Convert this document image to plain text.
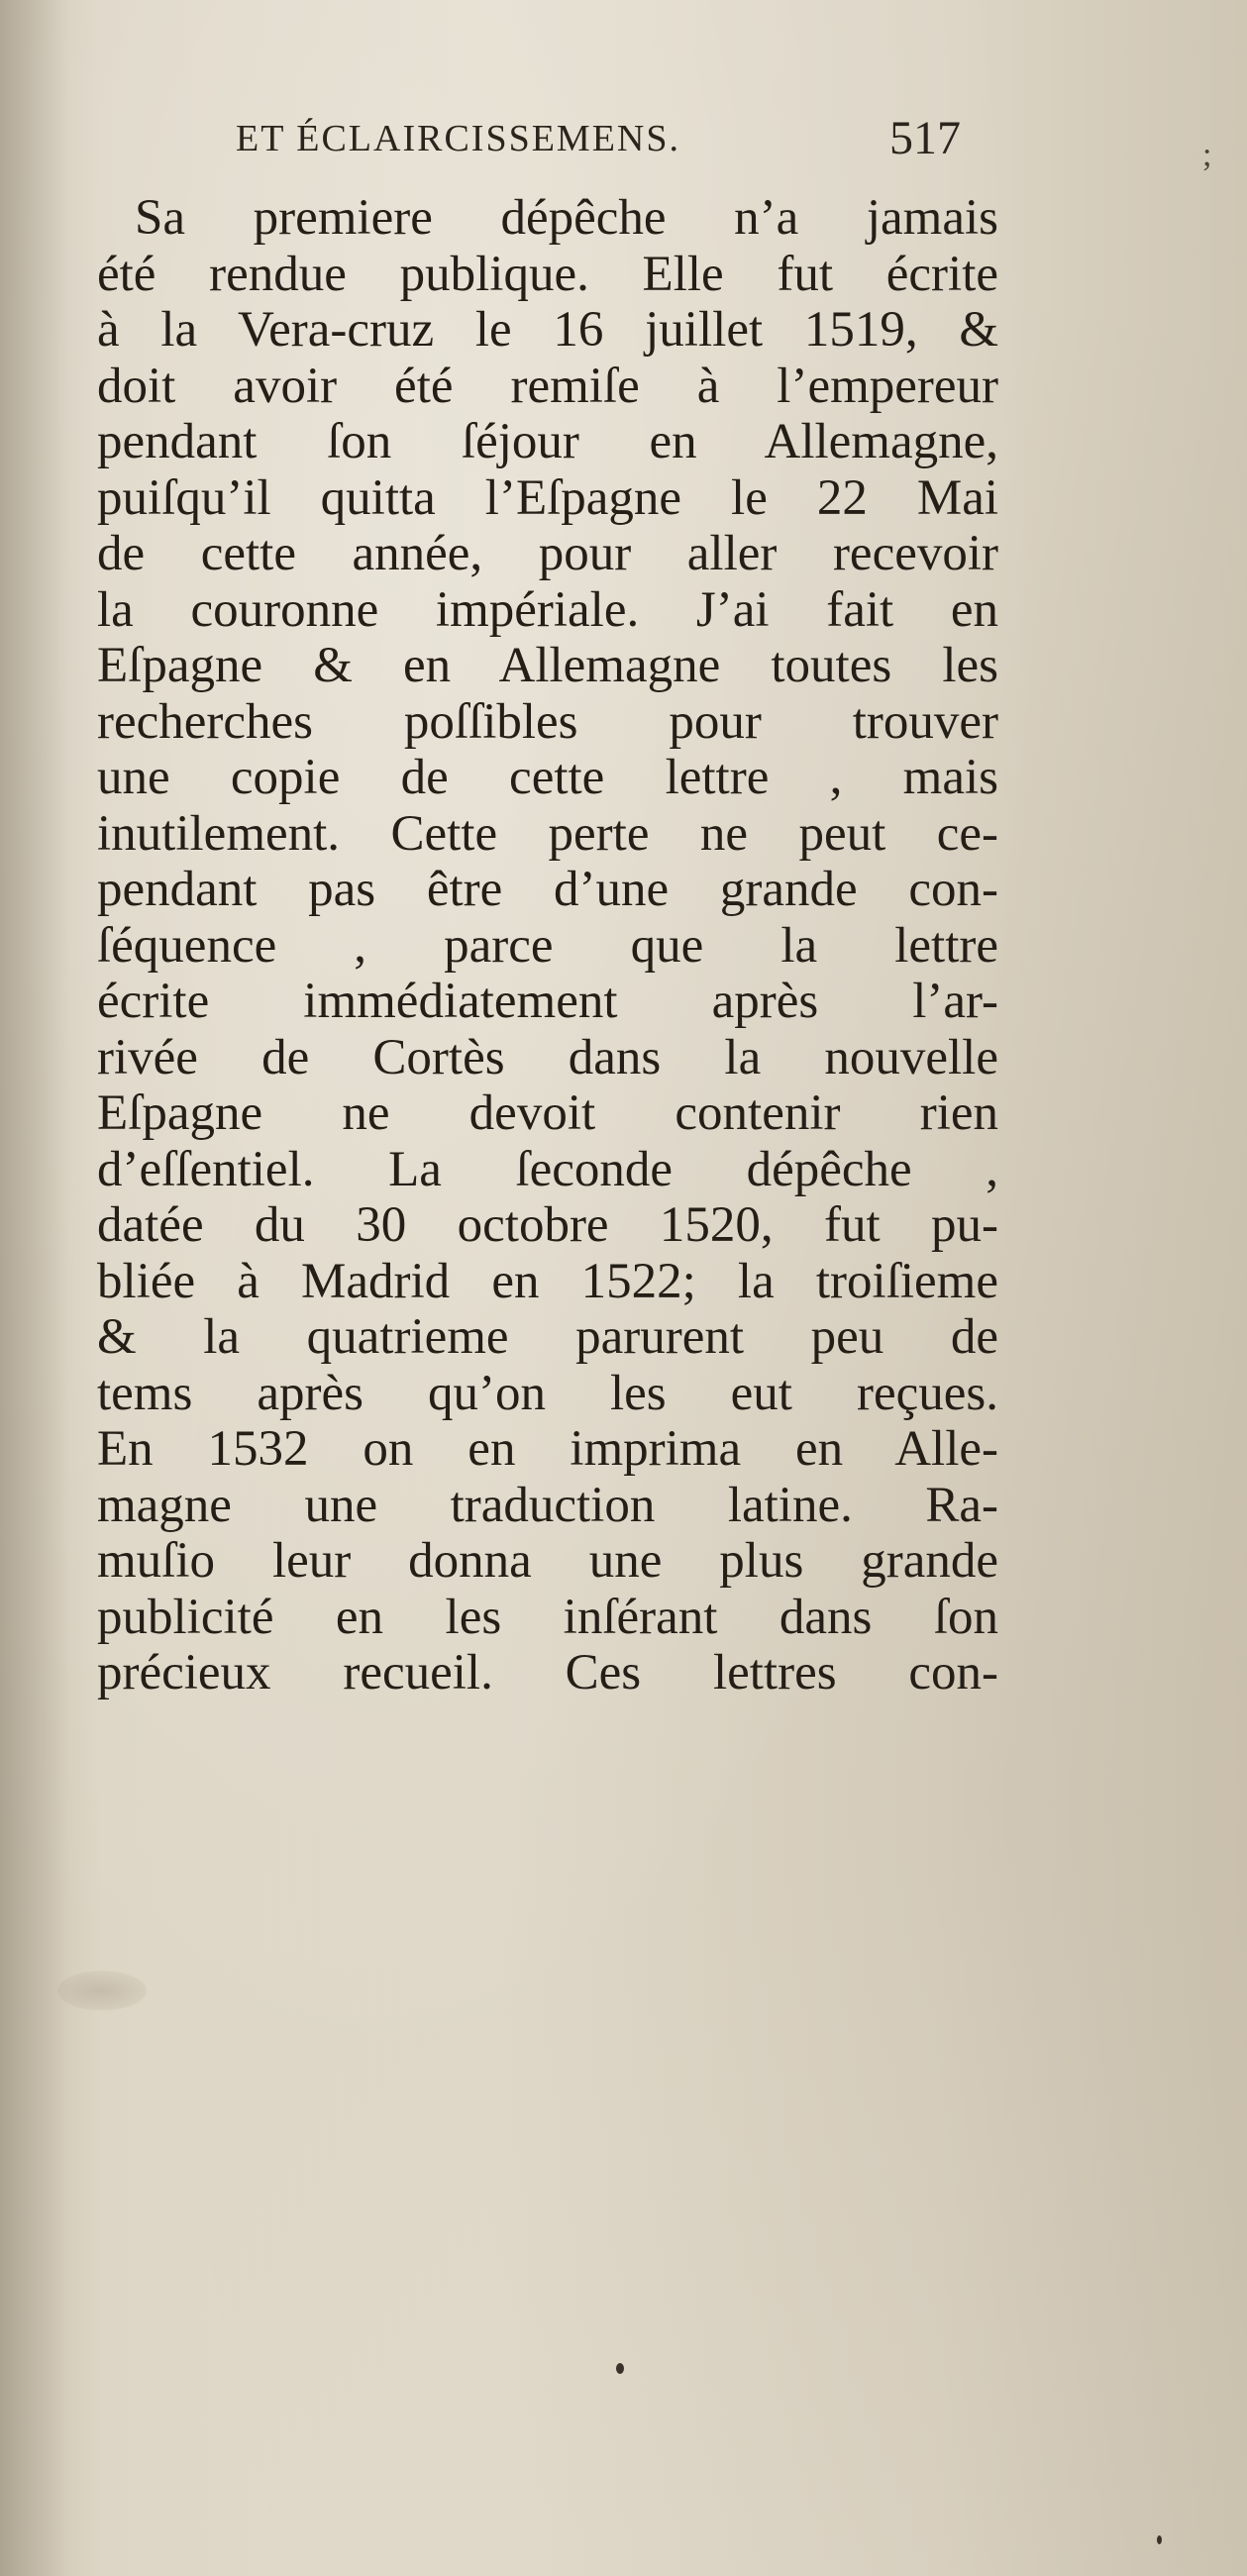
ET ÉCLAIRCISSEMENS.	517	;
Sa premiere dépêche n’a jamais
été rendue publique. Elle fut écrite
à la Vera-cruz le 16 juillet 1519, &
doit avoir été remiſe à l’empereur
pendant ſon ſéjour en Allemagne,
puiſqu’il quitta l’Eſpagne le 22 Mai
de cette année, pour aller recevoir
la couronne impériale. J’ai fait en
Eſpagne & en Allemagne toutes les
recherches poſſibles pour trouver
une copie de cette lettre , mais
inutilement. Cette perte ne peut ce-
pendant pas être d’une grande con-
ſéquence , parce que la lettre
écrite immédiatement après l’ar-
rivée de Cortès dans la nouvelle
Eſpagne ne devoit contenir rien
d’eſſentiel. La ſeconde dépêche ,
datée du 30 octobre 1520, fut pu-
bliée à Madrid en 1522; la troiſieme
& la quatrieme parurent peu de
tems après qu’on les eut reçues.
En 1532 on en imprima en Alle-
magne une traduction latine. Ra-
muſio leur donna une plus grande
publicité en les inſérant dans ſon
précieux recueil. Ces lettres con-
